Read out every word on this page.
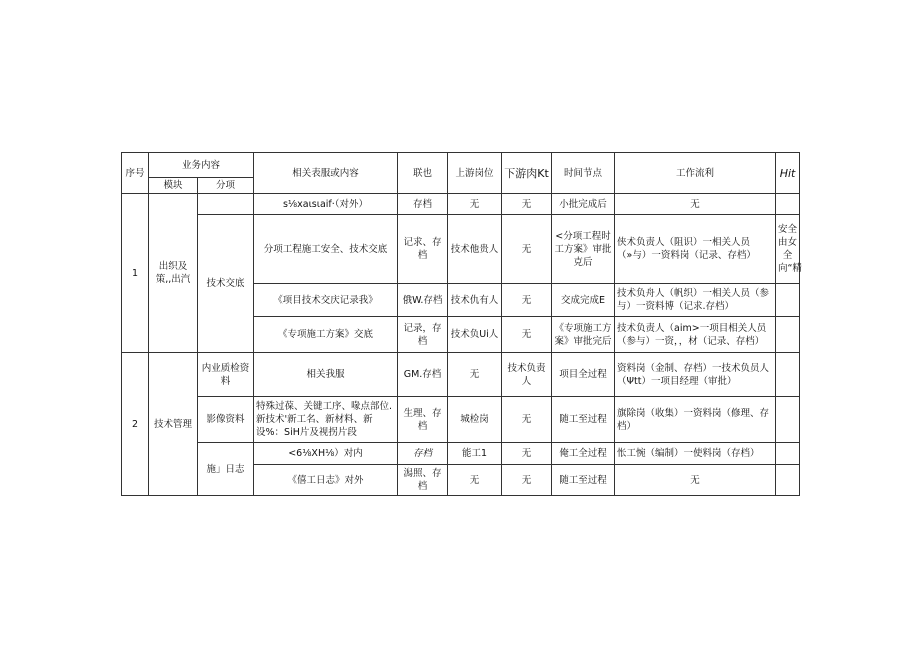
序号	业务内容		相关表服或内容	联也	上游岗位	下游肉Kt	时间节点	工作流利	Hit
	模块	分项							
1	出织及策,,出汽		s⅛xaιsιaif·（对外）	存档	无	无	小批完成后	无	
		技术交底	分项工程施工安全、技术交底	记求、存档	技术他贵人	无	<分项工程时工方案》审批克后	侠术负责人（阻识）一相关人员（»与）一资料岗（记录、存档）	安全由女全向“精
			《项目技术交庆记录我》	俄W.存档	技术仇有人	无	交成完成E	技术负舟人（帆织）一相关人员（参与）一资料博（记求.存档）	
			《专项施工方案》交底	记录，存档	技术负Ui人	无	《专项施工方案》审批完后	技术负责人（aim>一项目相关人员（参与）一资，，材（记录、存档）	
2	技术管理	内业质检资料	相关我服	GM.存档	无	技术负责人	项目全过程	资料岗（金制、存档）一技术负员人（Ψtt）一项目经理（审批）	
		影像资料	特殊过葆、关键工序、喙点部位.新技术'新工名、新材料、新设%：SiH片及视拐片段	生理、存档	城检岗	无	随工至过程	旗除岗（收集）一资料岗（修理、存档）	
		施」日志	<6⅛XH⅛）对内	存档	能工1	无	俺工全过程	怅工惋（编制）一使料岗（存档）	
			《僖工日志》对外	潟照、存档	无	无	随工至过程	无	
